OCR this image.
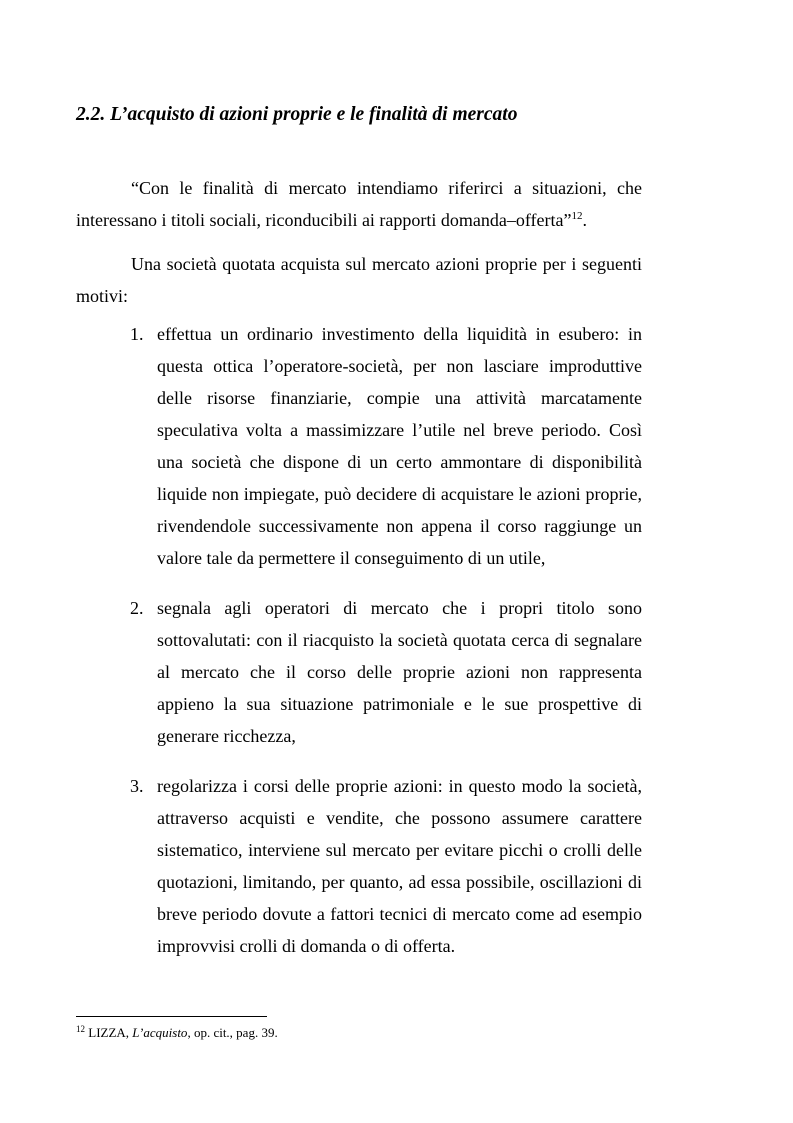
2.2. L’acquisto di azioni proprie e le finalità di mercato

“Con le finalità di mercato intendiamo riferirci a situazioni, che interessano i titoli sociali, riconducibili ai rapporti domanda–offerta”$^{12}$.

Una società quotata acquista sul mercato azioni proprie per i seguenti motivi:

1. effettua un ordinario investimento della liquidità in esubero: in questa ottica l’operatore-società, per non lasciare improduttive delle risorse finanziarie, compie una attività marcatamente speculativa volta a massimizzare l’utile nel breve periodo. Così una società che dispone di un certo ammontare di disponibilità liquide non impiegate, può decidere di acquistare le azioni proprie, rivendendole successivamente non appena il corso raggiunge un valore tale da permettere il conseguimento di un utile,
2. segnala agli operatori di mercato che i propri titolo sono sottovalutati: con il riacquisto la società quotata cerca di segnalare al mercato che il corso delle proprie azioni non rappresenta appieno la sua situazione patrimoniale e le sue prospettive di generare ricchezza,
3. regolarizza i corsi delle proprie azioni: in questo modo la società, attraverso acquisti e vendite, che possono assumere carattere sistematico, interviene sul mercato per evitare picchi o crolli delle quotazioni, limitando, per quanto, ad essa possibile, oscillazioni di breve periodo dovute a fattori tecnici di mercato come ad esempio improvvisi crolli di domanda o di offerta.

$^{12}$ LIZZA, L’acquisto, op. cit., pag. 39.
